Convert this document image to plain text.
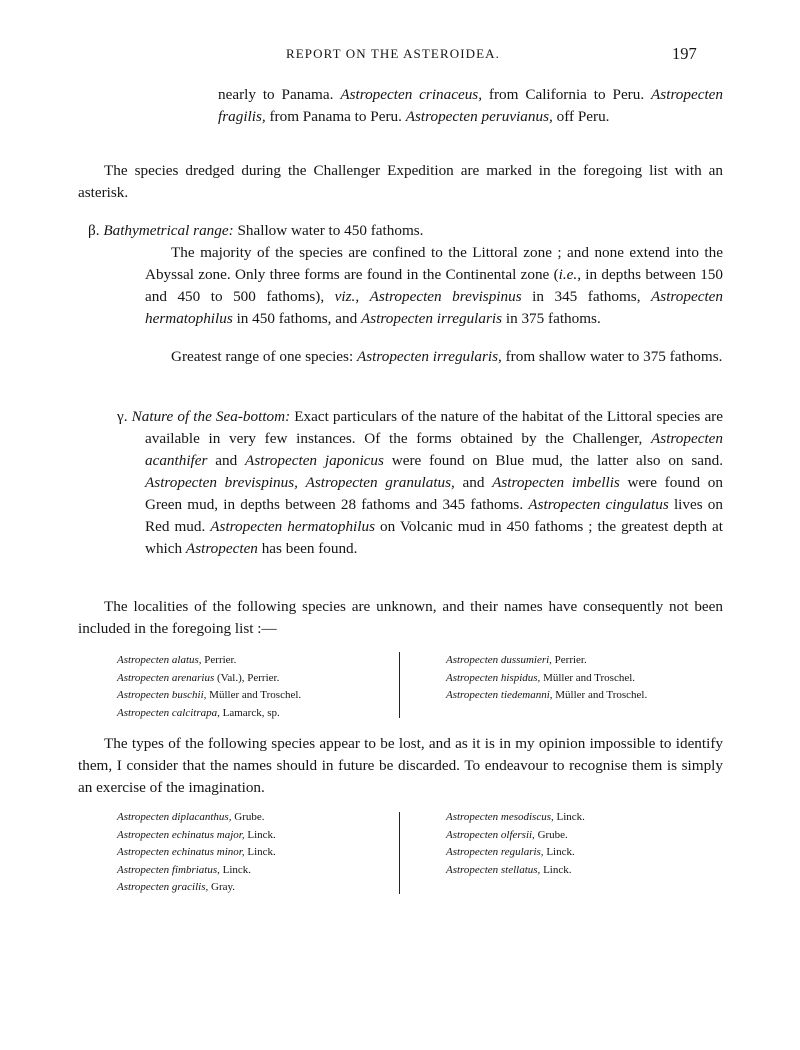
REPORT ON THE ASTEROIDEA.	197

nearly to Panama. Astropecten crinaceus, from California to Peru. Astropecten fragilis, from Panama to Peru. Astropecten peruvianus, off Peru.

The species dredged during the Challenger Expedition are marked in the foregoing list with an asterisk.

β. Bathymetrical range: Shallow water to 450 fathoms.

The majority of the species are confined to the Littoral zone ; and none extend into the Abyssal zone. Only three forms are found in the Continental zone (i.e., in depths between 150 and 450 to 500 fathoms), viz., Astropecten brevispinus in 345 fathoms, Astropecten hermatophilus in 450 fathoms, and Astropecten irregularis in 375 fathoms.

Greatest range of one species: Astropecten irregularis, from shallow water to 375 fathoms.

γ. Nature of the Sea-bottom: Exact particulars of the nature of the habitat of the Littoral species are available in very few instances. Of the forms obtained by the Challenger, Astropecten acanthifer and Astropecten japonicus were found on Blue mud, the latter also on sand. Astropecten brevispinus, Astropecten granulatus, and Astropecten imbellis were found on Green mud, in depths between 28 fathoms and 345 fathoms. Astropecten cingulatus lives on Red mud. Astropecten hermatophilus on Volcanic mud in 450 fathoms ; the greatest depth at which Astropecten has been found.

The localities of the following species are unknown, and their names have consequently not been included in the foregoing list :—

Astropecten alatus, Perrier.
Astropecten arenarius (Val.), Perrier.
Astropecten buschii, Müller and Troschel.
Astropecten calcitrapa, Lamarck, sp.
Astropecten dussumieri, Perrier.
Astropecten hispidus, Müller and Troschel.
Astropecten tiedemanni, Müller and Troschel.

The types of the following species appear to be lost, and as it is in my opinion impossible to identify them, I consider that the names should in future be discarded. To endeavour to recognise them is simply an exercise of the imagination.

Astropecten diplacanthus, Grube.
Astropecten echinatus major, Linck.
Astropecten echinatus minor, Linck.
Astropecten fimbriatus, Linck.
Astropecten gracilis, Gray.
Astropecten mesodiscus, Linck.
Astropecten olfersii, Grube.
Astropecten regularis, Linck.
Astropecten stellatus, Linck.
